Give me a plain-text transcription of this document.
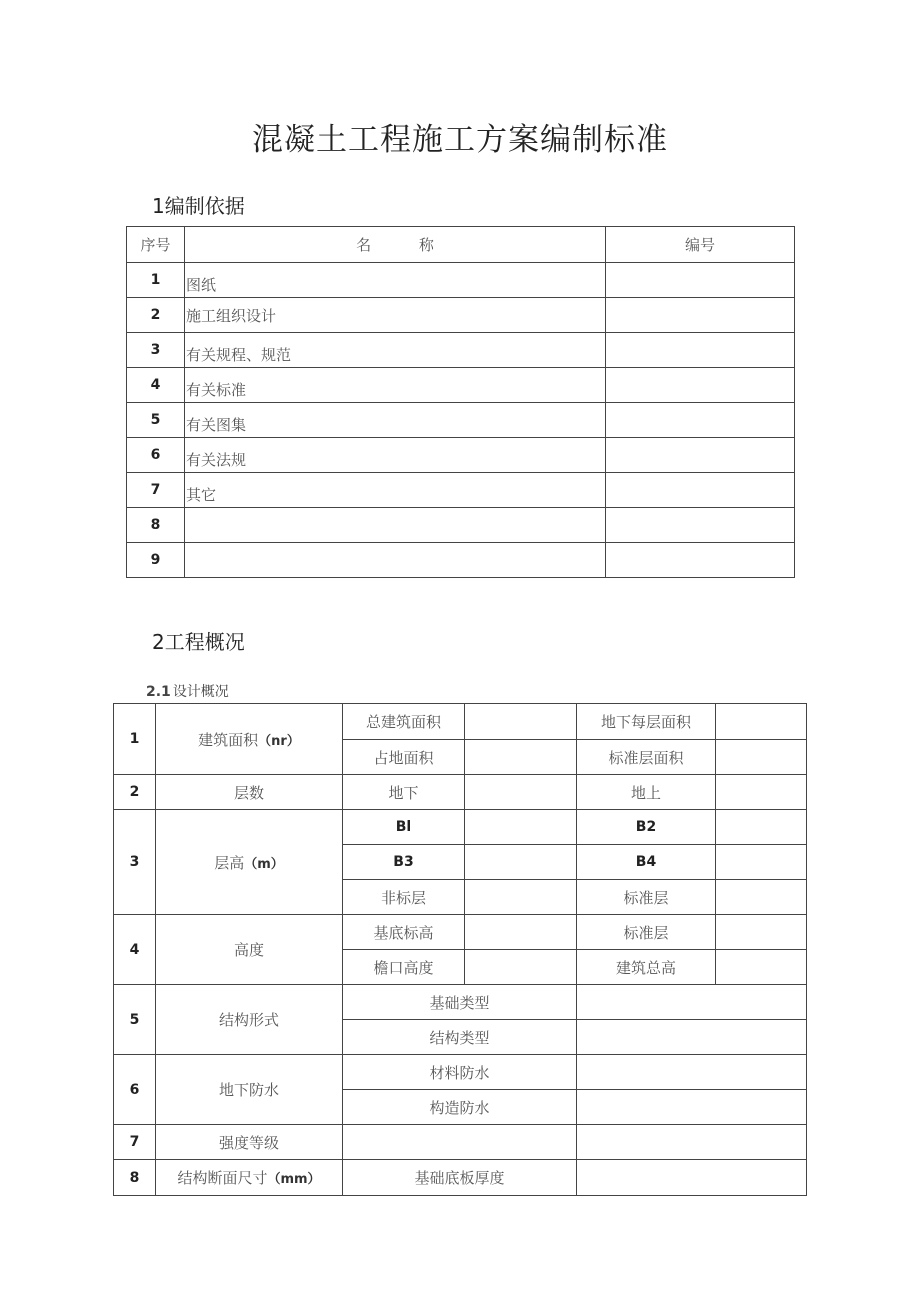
混凝土工程施工方案编制标准
1编制依据
序号	名          称	编号
1	图纸	

2	施工组织设计	
3	有关规程、规范	

4	有关标准	

5	有关图集	

6	有关法规	

7	其它	

8		
9		
2工程概况
2.1 设计概况
1	建筑面积（nr）	总建筑面积		地下每层面积	
		占地面积		标准层面积	
2	层数	地下		地上	
3	层高（m）	Bl		B2	
		B3		B4	
		非标层		标准层	
4	高度	基底标高		标准层	
		檐口高度		建筑总高	
5	结构形式	基础类型			
		结构类型			
6	地下防水	材料防水			
		构造防水			
7	强度等级				
8	结构断面尺寸（mm）	基础底板厚度			
